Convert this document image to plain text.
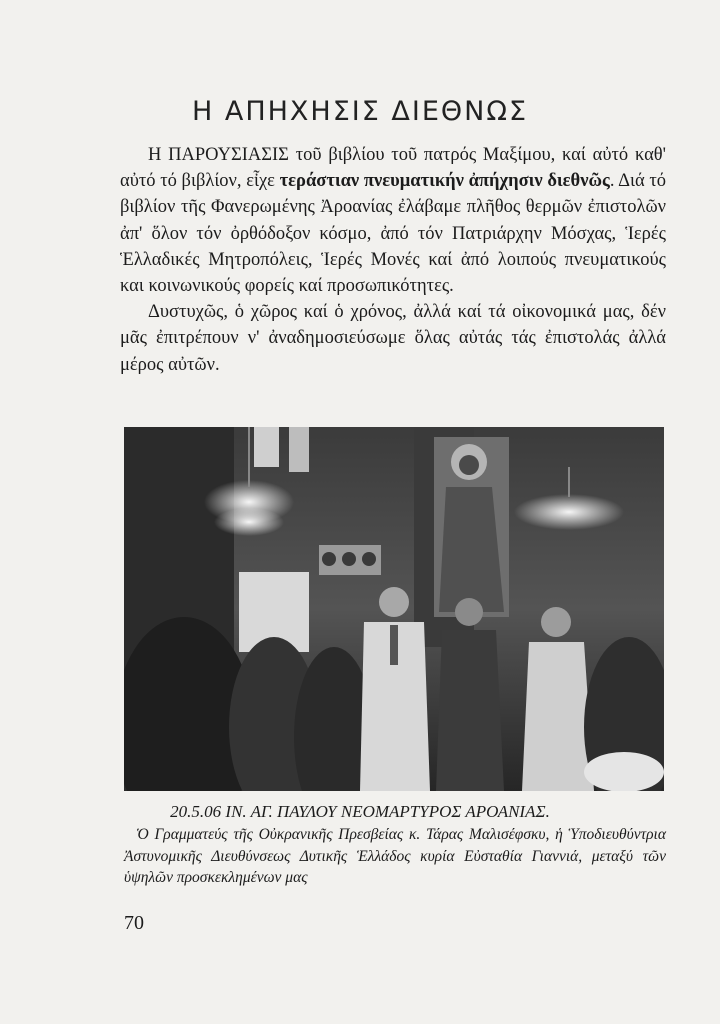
Η ΑΠΗΧΗΣΙΣ ΔΙΕΘΝΩΣ

Η ΠΑΡΟΥΣΙΑΣΙΣ τοῦ βιβλίου τοῦ πατρός Μαξίμου, καί αὐτό καθ' αὐτό τό βιβλίον, εἶχε τεράστιαν πνευματικήν ἀπήχησιν διεθνῶς. Διά τό βιβλίον τῆς Φανερωμένης Ἀροανίας ἐλάβαμε πλῆθος θερμῶν ἐπιστολῶν ἀπ' ὅλον τόν ὀρθόδοξον κόσμο, ἀπό τόν Πατριάρχην Μόσχας, Ἱερές Ἑλλαδικές Μητροπόλεις, Ἱερές Μονές καί ἀπό λοιπούς πνευματικούς και κοινωνικούς φορείς καί προσωπικότητες.

Δυστυχῶς, ὁ χῶρος καί ὁ χρόνος, ἀλλά καί τά οἰκονομικά μας, δέν μᾶς ἐπιτρέπουν ν' ἀναδημοσιεύσωμε ὅλας αὐτάς τάς ἐπιστολάς ἀλλά μέρος αὐτῶν.

20.5.06 ΙΝ. ΑΓ. ΠΑΥΛΟΥ ΝΕΟΜΑΡΤΥΡΟΣ ΑΡΟΑΝΙΑΣ.

Ὁ Γραμματεύς τῆς Οὐκρανικῆς Πρεσβείας κ. Τάρας Μαλισέφσκυ, ἡ Ὑποδιευθύντρια Ἀστυνομικῆς Διευθύνσεως Δυτικῆς Ἑλλάδος κυρία Εὐσταθία Γιαννιά, μεταξύ τῶν ὑψηλῶν προσκεκλημένων μας

70
